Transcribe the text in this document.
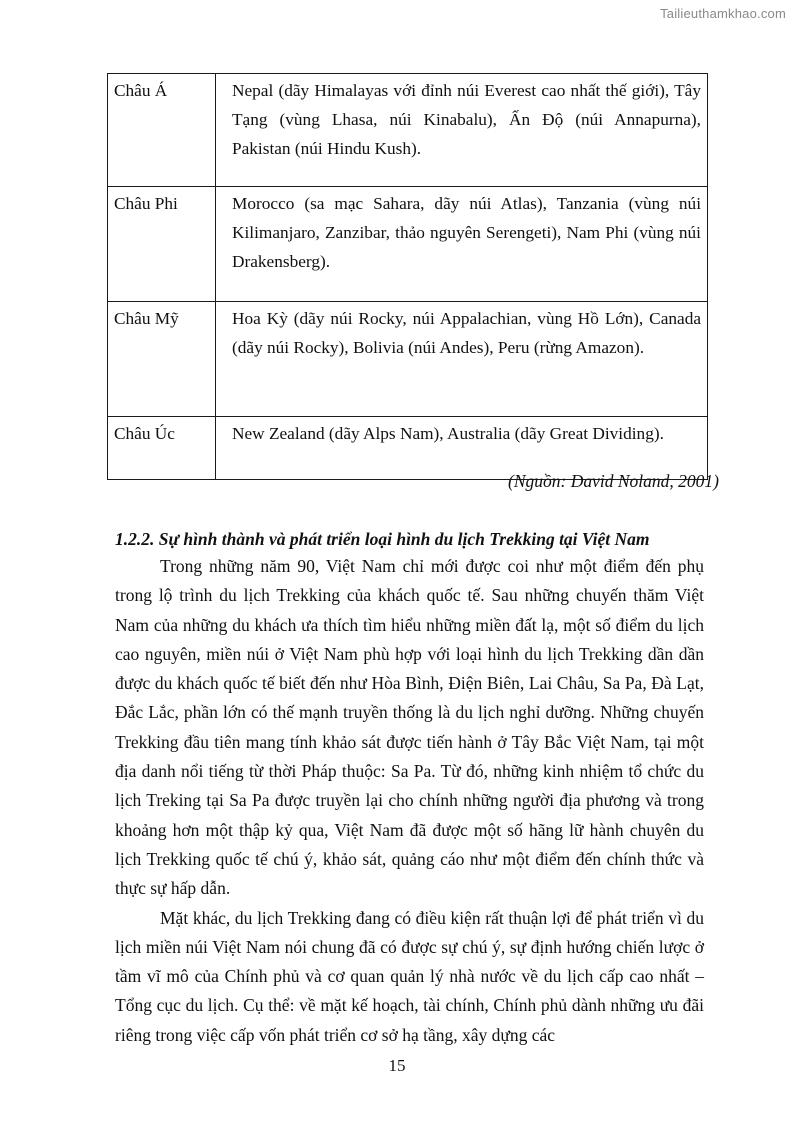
Tailieuthamkhao.com
Châu Á	Nepal (dãy Himalayas với đỉnh núi Everest cao nhất thế giới), Tây Tạng (vùng Lhasa, núi Kinabalu), Ấn Độ (núi Annapurna), Pakistan (núi Hindu Kush).
Châu Phi	Morocco (sa mạc Sahara, dãy núi Atlas), Tanzania (vùng núi Kilimanjaro, Zanzibar, thảo nguyên Serengeti), Nam Phi (vùng núi Drakensberg).
Châu Mỹ	Hoa Kỳ (dãy núi Rocky, núi Appalachian, vùng Hồ Lớn), Canada (dãy núi Rocky), Bolivia (núi Andes), Peru (rừng Amazon).
Châu Úc	New Zealand (dãy Alps Nam), Australia (dãy Great Dividing).
(Nguồn: David Noland, 2001)
1.2.2. Sự hình thành và phát triển loại hình du lịch Trekking tại Việt Nam

Trong những năm 90, Việt Nam chỉ mới được coi như một điểm đến phụ trong lộ trình du lịch Trekking của khách quốc tế. Sau những chuyến thăm Việt Nam của những du khách ưa thích tìm hiểu những miền đất lạ, một số điểm du lịch cao nguyên, miền núi ở Việt Nam phù hợp với loại hình du lịch Trekking dần dần được du khách quốc tế biết đến như Hòa Bình, Điện Biên, Lai Châu, Sa Pa, Đà Lạt, Đắc Lắc, phần lớn có thế mạnh truyền thống là du lịch nghỉ dưỡng. Những chuyến Trekking đầu tiên mang tính khảo sát được tiến hành ở Tây Bắc Việt Nam, tại một địa danh nổi tiếng từ thời Pháp thuộc: Sa Pa. Từ đó, những kinh nhiệm tổ chức du lịch Treking tại Sa Pa được truyền lại cho chính những người địa phương và trong khoảng hơn một thập kỷ qua, Việt Nam đã được một số hãng lữ hành chuyên du lịch Trekking quốc tế chú ý, khảo sát, quảng cáo như một điểm đến chính thức và thực sự hấp dẫn.

Mặt khác, du lịch Trekking đang có điều kiện rất thuận lợi để phát triển vì du lịch miền núi Việt Nam nói chung đã có được sự chú ý, sự định hướng chiến lược ở tầm vĩ mô của Chính phủ và cơ quan quản lý nhà nước về du lịch cấp cao nhất – Tổng cục du lịch. Cụ thể: về mặt kế hoạch, tài chính, Chính phủ dành những ưu đãi riêng trong việc cấp vốn phát triển cơ sở hạ tầng, xây dựng các

15
